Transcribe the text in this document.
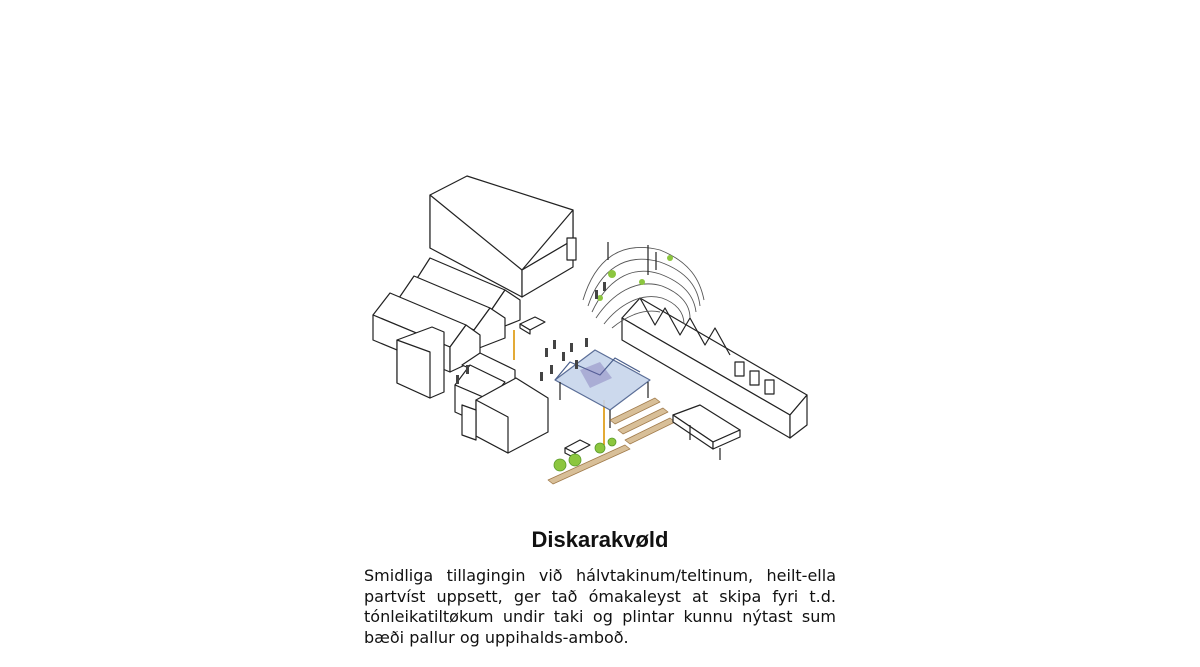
Diskarakvøld

Smidliga tillagingin við hálvtakinum/teltinum, heilt-ella partvíst uppsett, ger tað ómakaleyst at skipa fyri t.d. tónleikatiltøkum undir taki og plintar kunnu nýtast sum bæði pallur og uppihalds-amboð.
